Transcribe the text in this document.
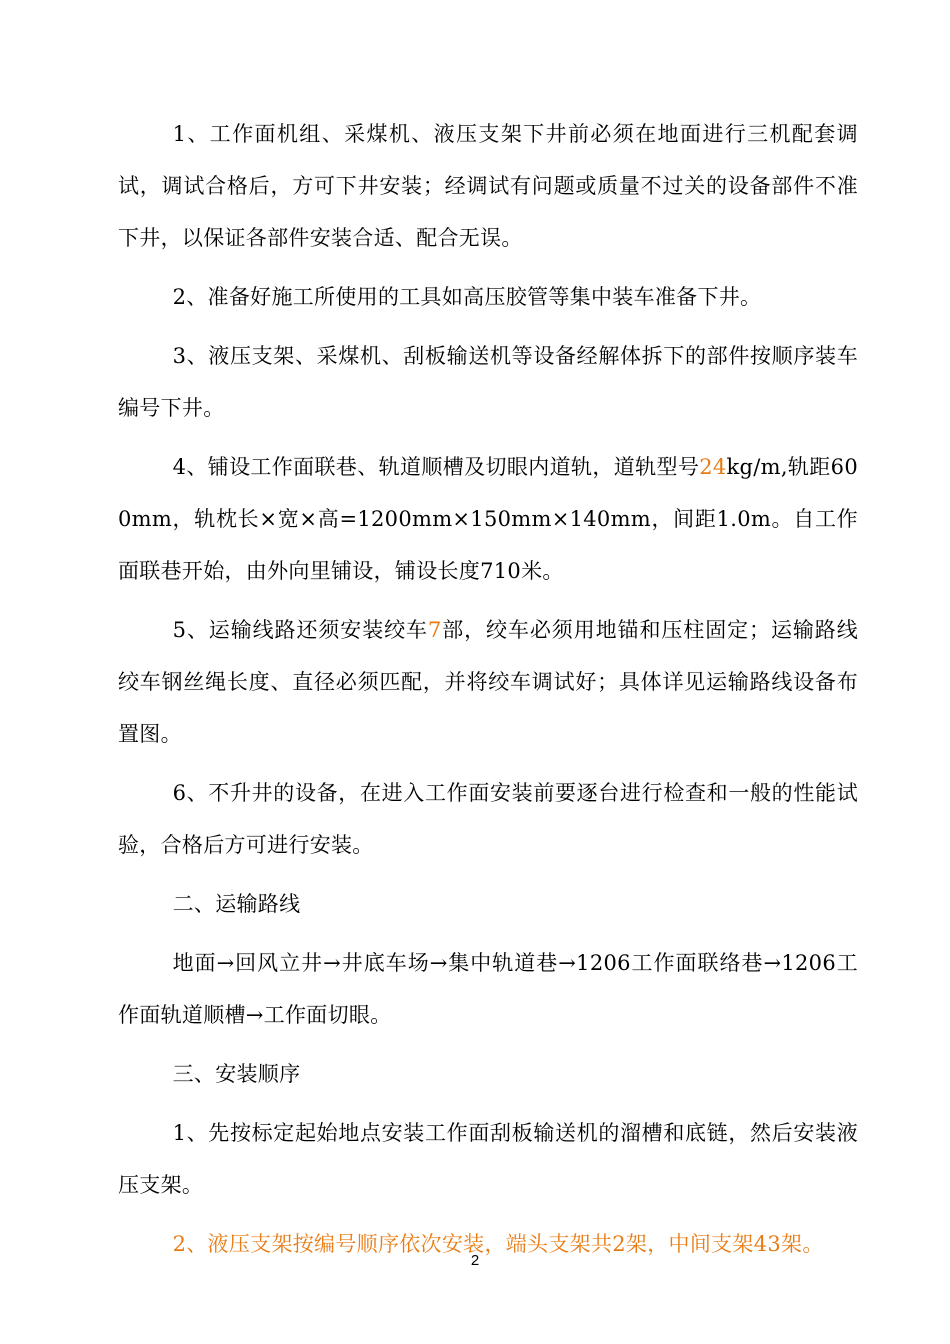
1、工作面机组、采煤机、液压支架下井前必须在地面进行三机配套调试，调试合格后，方可下井安装；经调试有问题或质量不过关的设备部件不准下井，以保证各部件安装合适、配合无误。

2、准备好施工所使用的工具如高压胶管等集中装车准备下井。

3、液压支架、采煤机、刮板输送机等设备经解体拆下的部件按顺序装车编号下井。

4、铺设工作面联巷、轨道顺槽及切眼内道轨，道轨型号24kg/m,轨距600mm，轨枕长×宽×高=1200mm×150mm×140mm，间距1.0m。自工作面联巷开始，由外向里铺设，铺设长度710米。

5、运输线路还须安装绞车7部，绞车必须用地锚和压柱固定；运输路线绞车钢丝绳长度、直径必须匹配，并将绞车调试好；具体详见运输路线设备布置图。

6、不升井的设备，在进入工作面安装前要逐台进行检查和一般的性能试验，合格后方可进行安装。

二、运输路线

地面→回风立井→井底车场→集中轨道巷→1206工作面联络巷→1206工作面轨道顺槽→工作面切眼。

三、安装顺序

1、先按标定起始地点安装工作面刮板输送机的溜槽和底链，然后安装液压支架。

2、液压支架按编号顺序依次安装，端头支架共2架，中间支架43架。

2
